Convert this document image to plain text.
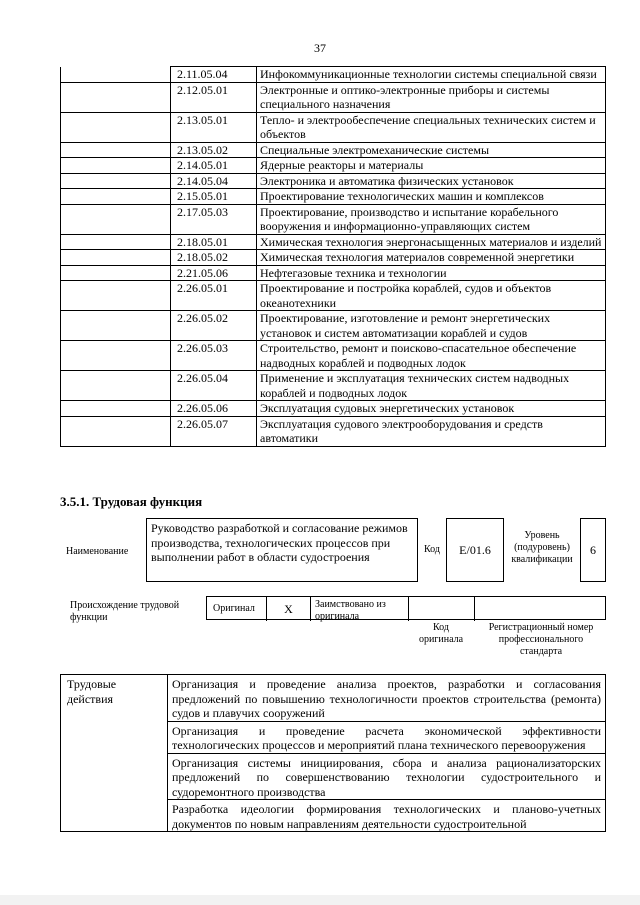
37
	2.11.05.04	Инфокоммуникационные технологии системы специальной связи
	2.12.05.01	Электронные и оптико-электронные приборы и системы специального назначения
	2.13.05.01	Тепло- и электрообеспечение специальных технических систем и объектов
	2.13.05.02	Специальные электромеханические системы
	2.14.05.01	Ядерные реакторы и материалы
	2.14.05.04	Электроника и автоматика физических установок
	2.15.05.01	Проектирование технологических машин и комплексов
	2.17.05.03	Проектирование, производство и испытание корабельного вооружения и информационно-управляющих систем
	2.18.05.01	Химическая технология энергонасыщенных материалов и изделий
	2.18.05.02	Химическая технология материалов современной энергетики
	2.21.05.06	Нефтегазовые техника и технологии
	2.26.05.01	Проектирование и постройка кораблей, судов и объектов океанотехники
	2.26.05.02	Проектирование, изготовление и ремонт энергетических установок и систем автоматизации кораблей и судов
	2.26.05.03	Строительство, ремонт и поисково-спасательное обеспечение надводных кораблей и подводных лодок
	2.26.05.04	Применение и эксплуатация технических систем надводных кораблей и подводных лодок
	2.26.05.06	Эксплуатация судовых энергетических установок
	2.26.05.07	Эксплуатация судового электрооборудования и средств автоматики
3.5.1. Трудовая функция
Наименование
Руководство разработкой и согласование режимов производства, технологических процессов при выполнении работ в области судостроения
Код	E/01.6
Уровень (подуровень) квалификации
6
Происхождение трудовой функции
Оригинал	X	Заимствовано из оригинала
Код оригинала
Регистрационный номер профессионального стандарта
Трудовые действия	Организация и проведение анализа проектов, разработки и согласования предложений по повышению технологичности проектов строительства (ремонта) судов и плавучих сооружений
Организация и проведение расчета экономической эффективности технологических процессов и мероприятий плана технического перевооружения
Организация системы инициирования, сбора и анализа рационализаторских предложений по совершенствованию технологии судостроительного и судоремонтного производства
Разработка идеологии формирования технологических и планово-учетных документов по новым направлениям деятельности судостроительной
